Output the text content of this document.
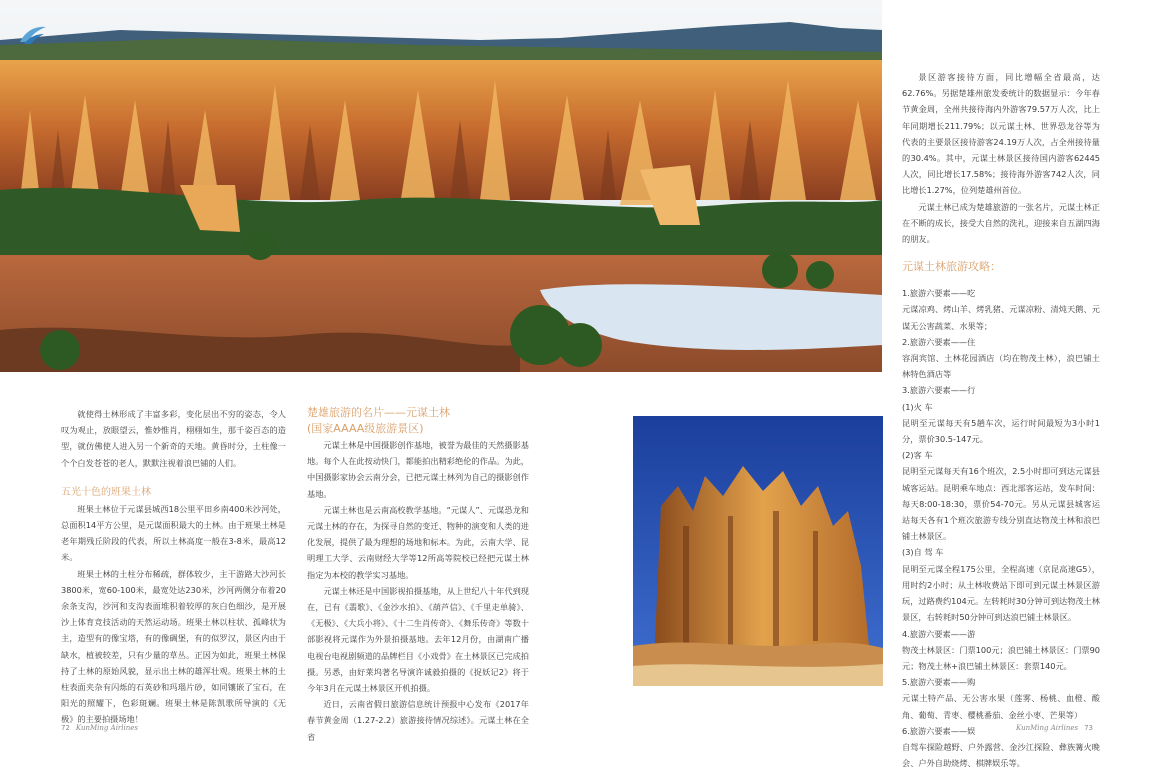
就使得土林形成了丰富多彩，变化层出不穷的姿态，令人叹为观止，放眼望云，惟妙惟肖，栩栩如生，那千姿百态的造型，就仿佛使人进入另一个新奇的天地。黄昏时分，土柱像一个个白发苍苍的老人，默默注视着浪巴铺的人们。

五光十色的班果土林

班果土林位于元谋县城西18公里平田乡南400米沙河处，总面积14平方公里，是元谋面积最大的土林。由于班果土林是老年期残丘阶段的代表，所以土林高度一般在3-8米，最高12米。

班果土林的土柱分布稀疏，群体较少，主干游路大沙河长3800米，宽60-100米，最宽处达230米，沙河两侧分布着20余条支沟，沙河和支沟表面堆积着较厚的灰白色细沙，是开展沙上体育竞技活动的天然运动场。班果土林以柱状、孤峰状为主，造型有的像宝塔，有的像碉堡，有的似罗汉，景区内由于缺水，植被较差，只有少量的草丛。正因为如此，班果土林保持了土林的原始风貌，显示出土林的雄浑壮观。班果土林的土柱表面夹杂有闪烁的石英砂和玛瑙片砂，如同镶嵌了宝石，在阳光的照耀下，色彩斑斓。班果土林是陈凯歌所导演的《无极》的主要拍摄场地！

楚雄旅游的名片——元谋土林

(国家AAAA级旅游景区)

元谋土林是中国摄影创作基地，被誉为最佳的天然摄影基地。每个人在此按动快门，都能拍出精彩绝伦的作品。为此，中国摄影家协会云南分会，已把元谋土林列为自己的摄影创作基地。

元谋土林也是云南高校教学基地。“元谋人”、元谋恐龙和元谋土林的存在，为探寻自然的变迁、物种的演变和人类的进化发展，提供了最为理想的场地和标本。为此，云南大学、昆明理工大学、云南财经大学等12所高等院校已经把元谋土林指定为本校的教学实习基地。

元谋土林还是中国影视拍摄基地，从上世纪八十年代到现在，已有《翡歌》、《金沙水拍》、《葫芦信》、《千里走单骑》、《无极》、《大兵小将》、《十二生肖传奇》、《舞乐传奇》等数十部影视将元谋作为外景拍摄基地。去年12月份，由湖南广播电视台电视剧频道的品牌栏目《小戏骨》在土林景区已完成拍摄。另悉，由好莱坞著名导演许诚毅拍摄的《捉妖记2》将于今年3月在元谋土林景区开机拍摄。

近日，云南省假日旅游信息统计预报中心发布《2017年春节黄金周（1.27-2.2）旅游接待情况综述》。元谋土林在全省

景区游客接待方面，同比增幅全省最高，达62.76%。另据楚雄州旅发委统计的数据显示：今年春节黄金周，全州共接待海内外游客79.57万人次，比上年同期增长211.79%；以元谋土林、世界恐龙谷等为代表的主要景区接待游客24.19万人次，占全州接待量的30.4%。其中，元谋土林景区接待国内游客62445人次，同比增长17.58%；接待海外游客742人次，同比增长1.27%，位列楚雄州首位。

元谋土林已成为楚雄旅游的一张名片，元谋土林正在不断的成长，接受大自然的洗礼，迎接来自五湖四海的朋友。

元谋土林旅游攻略：

1.旅游六要素——吃

元谋凉鸡、烤山羊、烤乳猪、元谋凉粉、清炖天鹅、元谋无公害蔬菜、水果等；

2.旅游六要素——住

容润宾馆、土林花园酒店（均在物茂土林），浪巴铺土林特色酒店等

3.旅游六要素——行

(1)火 车

昆明至元谋每天有5趟车次，运行时间最短为3小时1分，票价30.5-147元。

(2)客 车

昆明至元谋每天有16个班次，2.5小时即可到达元谋县城客运站。昆明乘车地点：西北部客运站，发车时间：每天8:00-18:30，票价54-70元。另从元谋县城客运站每天各有1个班次旅游专线分别直达物茂土林和浪巴铺土林景区。

(3)自 驾 车

昆明至元谋全程175公里，全程高速（京昆高速G5），用时约2小时；从土林收费站下即可到元谋土林景区游玩，过路费约104元。左转耗时30分钟可到达物茂土林景区，右转耗时50分钟可到达浪巴铺土林景区。

4.旅游六要素——游

物茂土林景区：门票100元；浪巴铺土林景区：门票90元；物茂土林+浪巴铺土林景区：套票140元。

5.旅游六要素——购

元谋土特产品、无公害水果（莲雾、杨桃、血橙、酸角、葡萄、青枣、樱桃番茄、金丝小枣、芒果等）

6.旅游六要素——娱

自驾车探险越野、户外露营、金沙江探险、彝族篝火晚会、户外自助烧烤、棋牌娱乐等。

72 KunMing Airlines	KunMing Airlines 73
